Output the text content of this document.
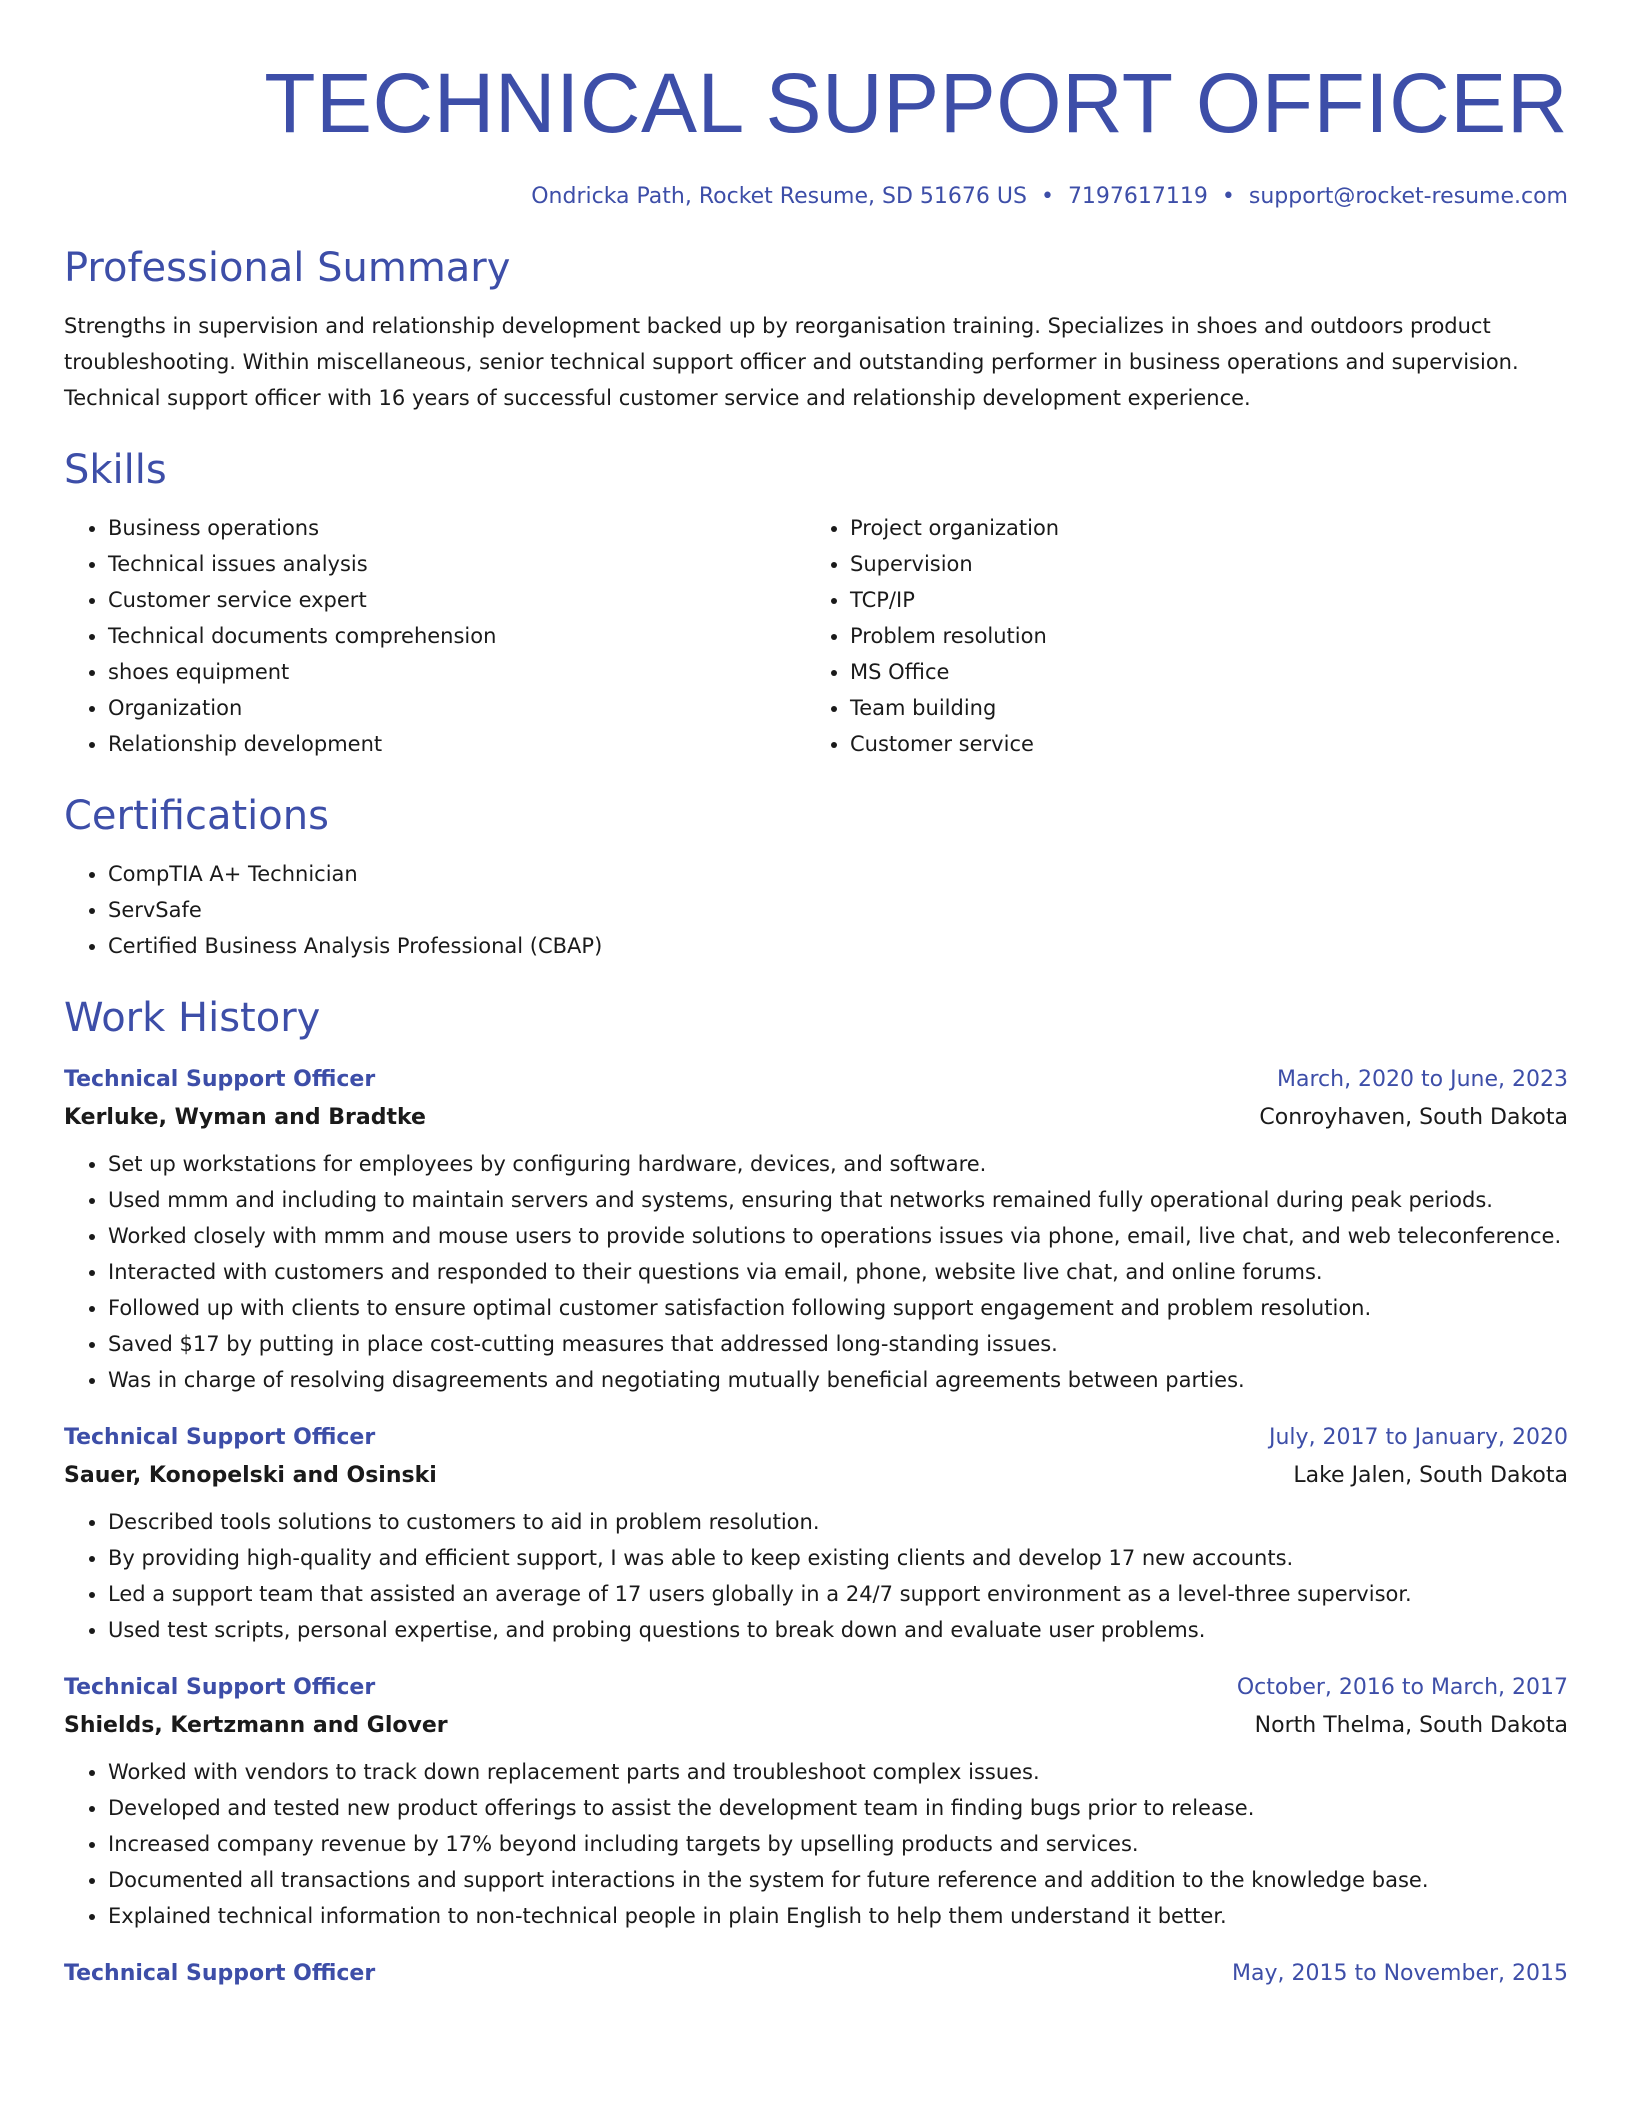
TECHNICAL SUPPORT OFFICER
Ondricka Path, Rocket Resume, SD 51676 US • 7197617119 • support@rocket-resume.com
Professional Summary

Strengths in supervision and relationship development backed up by reorganisation training. Specializes in shoes and outdoors product troubleshooting. Within miscellaneous, senior technical support officer and outstanding performer in business operations and supervision. Technical support officer with 16 years of successful customer service and relationship development experience.

Skills
• Business operations
• Technical issues analysis
• Customer service expert
• Technical documents comprehension
• shoes equipment
• Organization
• Relationship development
• Project organization
• Supervision
• TCP/IP
• Problem resolution
• MS Office
• Team building
• Customer service
Certifications
• CompTIA A+ Technician
• ServSafe
• Certified Business Analysis Professional (CBAP)
Work History
Technical Support Officer	March, 2020 to June, 2023
Kerluke, Wyman and Bradtke	Conroyhaven, South Dakota
• Set up workstations for employees by configuring hardware, devices, and software.
• Used mmm and including to maintain servers and systems, ensuring that networks remained fully operational during peak periods.
• Worked closely with mmm and mouse users to provide solutions to operations issues via phone, email, live chat, and web teleconference.
• Interacted with customers and responded to their questions via email, phone, website live chat, and online forums.
• Followed up with clients to ensure optimal customer satisfaction following support engagement and problem resolution.
• Saved $17 by putting in place cost-cutting measures that addressed long-standing issues.
• Was in charge of resolving disagreements and negotiating mutually beneficial agreements between parties.
Technical Support Officer	July, 2017 to January, 2020
Sauer, Konopelski and Osinski	Lake Jalen, South Dakota
• Described tools solutions to customers to aid in problem resolution.
• By providing high-quality and efficient support, I was able to keep existing clients and develop 17 new accounts.
• Led a support team that assisted an average of 17 users globally in a 24/7 support environment as a level-three supervisor.
• Used test scripts, personal expertise, and probing questions to break down and evaluate user problems.
Technical Support Officer	October, 2016 to March, 2017
Shields, Kertzmann and Glover	North Thelma, South Dakota
• Worked with vendors to track down replacement parts and troubleshoot complex issues.
• Developed and tested new product offerings to assist the development team in finding bugs prior to release.
• Increased company revenue by 17% beyond including targets by upselling products and services.
• Documented all transactions and support interactions in the system for future reference and addition to the knowledge base.
• Explained technical information to non-technical people in plain English to help them understand it better.
Technical Support Officer	May, 2015 to November, 2015
